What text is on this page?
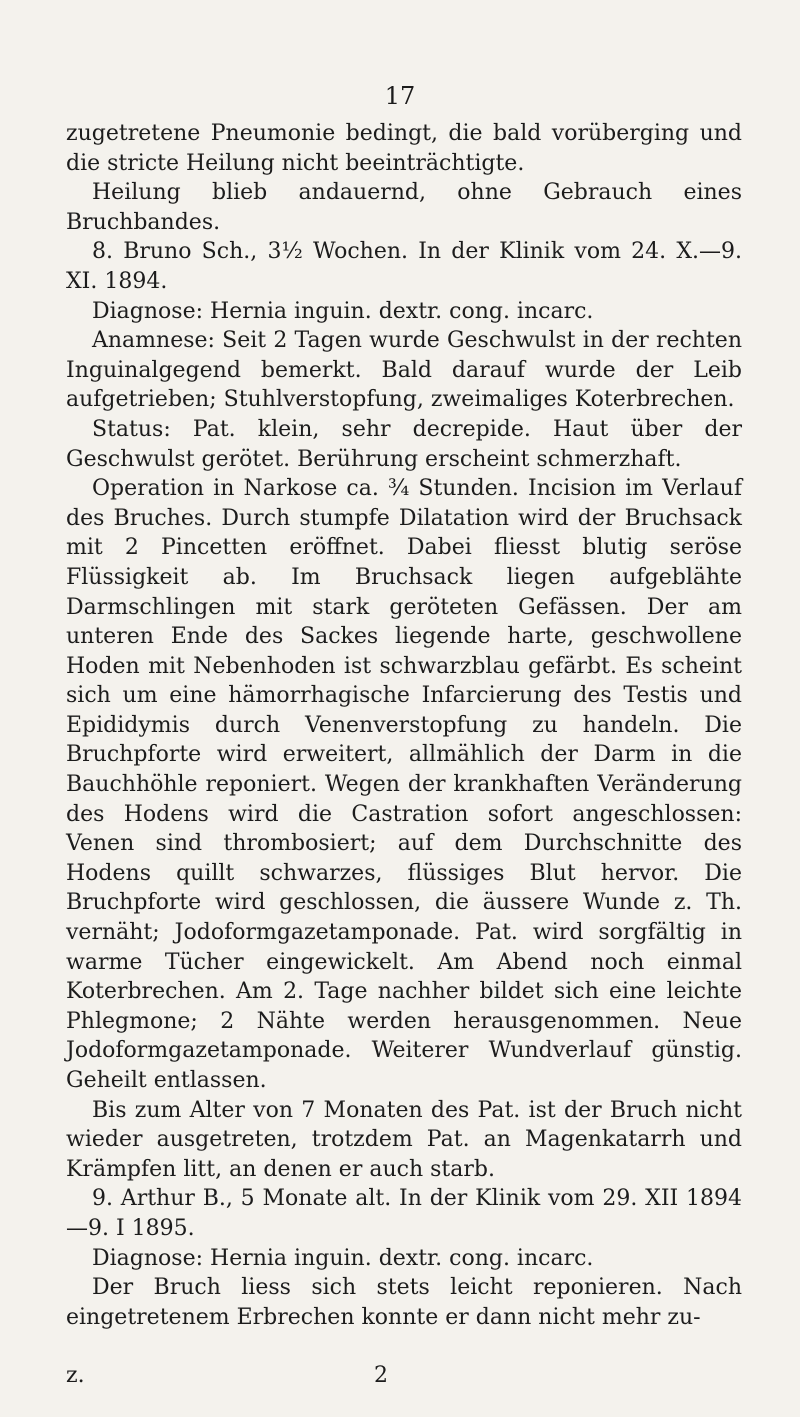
17

zugetretene Pneumonie bedingt, die bald vorüberging und die stricte Heilung nicht beeinträchtigte.

Heilung blieb andauernd, ohne Gebrauch eines Bruchbandes.

8. Bruno Sch., 3½ Wochen. In der Klinik vom 24. X.—9. XI. 1894.

Diagnose: Hernia inguin. dextr. cong. incarc.

Anamnese: Seit 2 Tagen wurde Geschwulst in der rechten Inguinalgegend bemerkt. Bald darauf wurde der Leib aufgetrieben; Stuhlverstopfung, zweimaliges Koterbrechen.

Status: Pat. klein, sehr decrepide. Haut über der Geschwulst gerötet. Berührung erscheint schmerzhaft.

Operation in Narkose ca. ¾ Stunden. Incision im Verlauf des Bruches. Durch stumpfe Dilatation wird der Bruchsack mit 2 Pincetten eröffnet. Dabei fliesst blutig seröse Flüssigkeit ab. Im Bruchsack liegen aufgeblähte Darmschlingen mit stark geröteten Gefässen. Der am unteren Ende des Sackes liegende harte, geschwollene Hoden mit Nebenhoden ist schwarzblau gefärbt. Es scheint sich um eine hämorrhagische Infarcierung des Testis und Epididymis durch Venenverstopfung zu handeln. Die Bruchpforte wird erweitert, allmählich der Darm in die Bauchhöhle reponiert. Wegen der krankhaften Veränderung des Hodens wird die Castration sofort angeschlossen: Venen sind thrombosiert; auf dem Durchschnitte des Hodens quillt schwarzes, flüssiges Blut hervor. Die Bruchpforte wird geschlossen, die äussere Wunde z. Th. vernäht; Jodoformgazetamponade. Pat. wird sorgfältig in warme Tücher eingewickelt. Am Abend noch einmal Koterbrechen. Am 2. Tage nachher bildet sich eine leichte Phlegmone; 2 Nähte werden herausgenommen. Neue Jodoformgazetamponade. Weiterer Wundverlauf günstig. Geheilt entlassen.

Bis zum Alter von 7 Monaten des Pat. ist der Bruch nicht wieder ausgetreten, trotzdem Pat. an Magenkatarrh und Krämpfen litt, an denen er auch starb.

9. Arthur B., 5 Monate alt. In der Klinik vom 29. XII 1894—9. I 1895.

Diagnose: Hernia inguin. dextr. cong. incarc.

Der Bruch liess sich stets leicht reponieren. Nach eingetretenem Erbrechen konnte er dann nicht mehr zu-

z.	2
